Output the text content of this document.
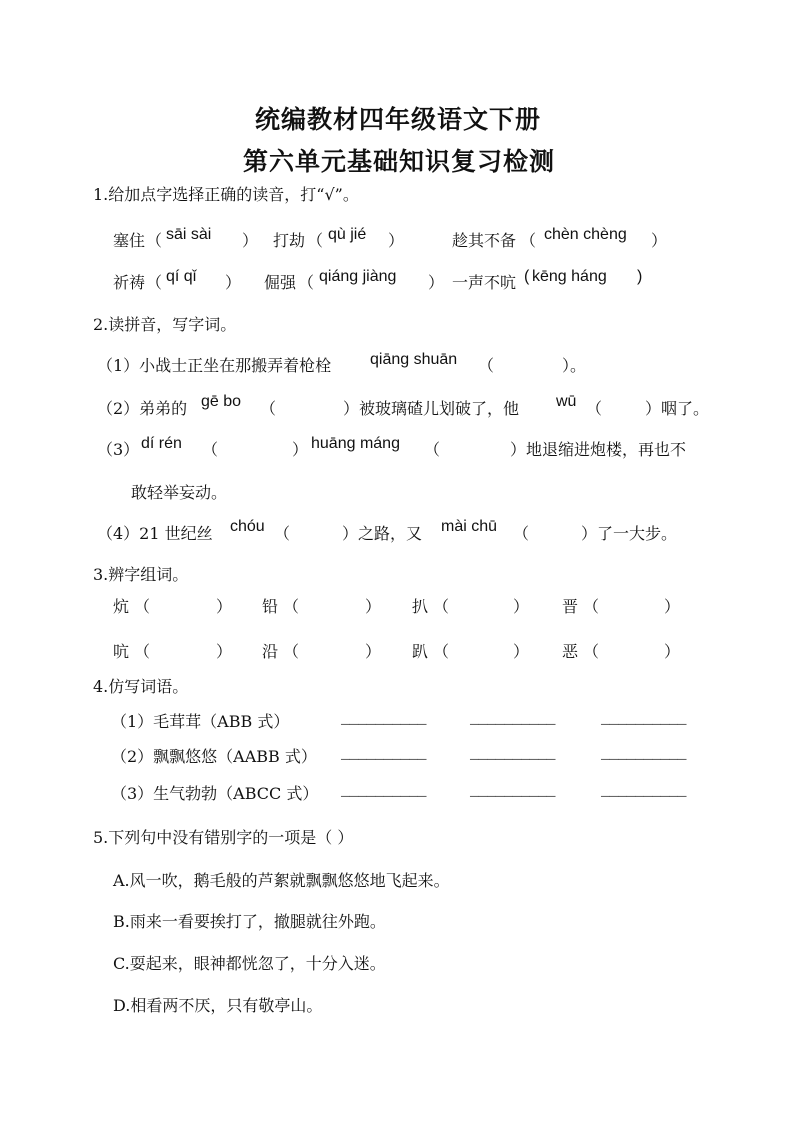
统编教材四年级语文下册
第六单元基础知识复习检测
1.给加点字选择正确的读音，打“√”。
塞住 （ sāi sài ） 打劫 （ qù jié ）	趁其不备 （ chèn chèng ）
祈祷 （ qí qǐ ） 倔强 （ qiáng jiàng ） 一声不吭 ( kēng háng )
2.读拼音，写字词。
（1）小战士正坐在那搬弄着枪栓 qiāng shuān （	）。
（2）弟弟的 gē bo （	）被玻璃碴儿划破了，他 wū （	）咽了。
（3） dí rén （	） huāng máng （	）地退缩进炮楼，再也不
敢轻举妄动。
（4）21 世纪丝 chóu （	）之路，又 mài chū （	）了一大步。
3.辨字组词。
炕 （	） 铅 （	） 扒 （	） 晋 （	）
吭 （	） 沿 （	） 趴 （	） 恶 （	）
4.仿写词语。
（1）毛茸茸（ABB 式）	__________	__________	__________
（2）飘飘悠悠（AABB 式） __________	__________	__________
（3）生气勃勃（ABCC 式） __________	__________	__________
5.下列句中没有错别字的一项是（ ）
A.风一吹，鹅毛般的芦絮就飘飘悠悠地飞起来。
B.雨来一看要挨打了，撤腿就往外跑。
C.耍起来，眼神都恍忽了，十分入迷。
D.相看两不厌，只有敬亭山。
